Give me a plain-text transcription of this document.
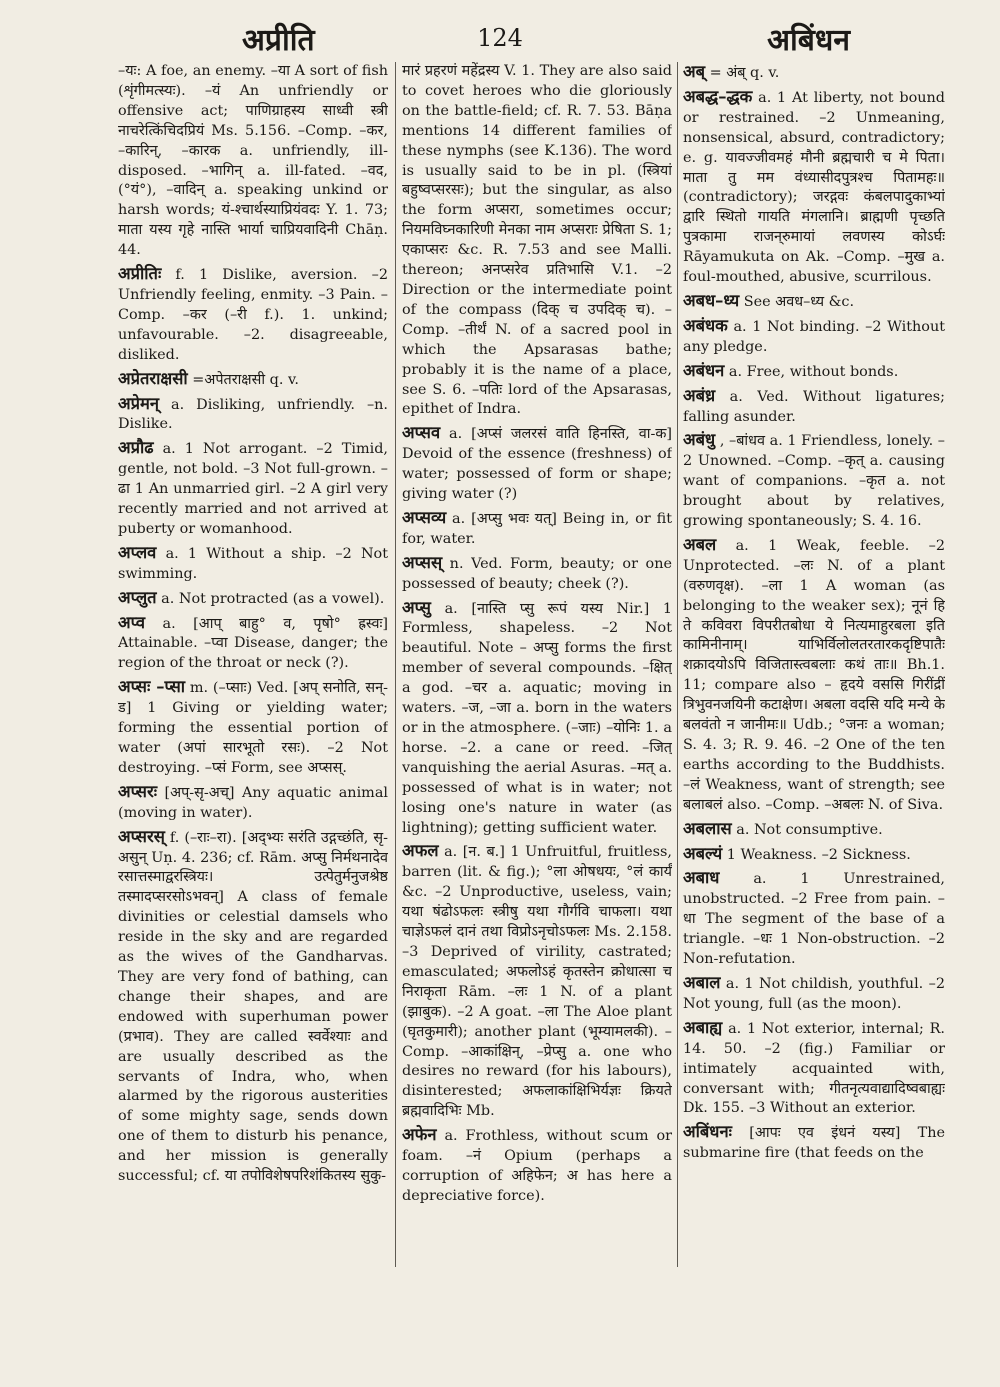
अप्रीति	124	अबिंधन

–यः: A foe, an enemy. –या A sort of fish (शृंगीमत्स्यः). –यं An unfriendly or offensive act; पाणिग्राहस्य साध्वी स्त्री नाचरेत्किंचिदप्रियं Ms. 5.156. –Comp. –कर, –कारिन्, –कारक a. unfriendly, ill-disposed. –भागिन् a. ill-fated. –वद, (°यं°), –वादिन् a. speaking unkind or harsh words; यं-श्चार्थस्याप्रियंवदः Y. 1. 73; माता यस्य गृहे नास्ति भार्या चाप्रियवादिनी Chāṇ. 44.

अप्रीतिः f. 1 Dislike, aversion. –2 Unfriendly feeling, enmity. –3 Pain. –Comp. –कर (–री f.). 1. unkind; unfavourable. –2. disagreeable, disliked.

अप्रेतराक्षसी =अपेतराक्षसी q. v.

अप्रेमन् a. Disliking, unfriendly. –n. Dislike.

अप्रौढ a. 1 Not arrogant. –2 Timid, gentle, not bold. –3 Not full-grown. –ढा 1 An unmarried girl. –2 A girl very recently married and not arrived at puberty or womanhood.

अप्लव a. 1 Without a ship. –2 Not swimming.

अप्लुत a. Not protracted (as a vowel).

अप्व a. [आप् बाहु° व, पृषो° ह्रस्वः] Attainable. –प्वा Disease, danger; the region of the throat or neck (?).

अप्सः –प्सा m. (–प्साः) Ved. [अप् सनोति, सन्-ड] 1 Giving or yielding water; forming the essential portion of water (अपां सारभूतो रसः). –2 Not destroying. –प्सं Form, see अप्सस्.

अप्सरः [अप्-सृ-अच्] Any aquatic animal (moving in water).

अप्सरस् f. (–राः–रा). [अद्भ्यः सरंति उद्गच्छंति, सृ-असुन् Uṇ. 4. 236; cf. Rām. अप्सु निर्मथनादेव रसात्तस्माद्वरस्त्रियः। उत्पेतुर्मनुजश्रेष्ठ तस्मादप्सरसोऽभवन्] A class of female divinities or celestial damsels who reside in the sky and are regarded as the wives of the Gandharvas. They are very fond of bathing, can change their shapes, and are endowed with superhuman power (प्रभाव). They are called स्वर्वेश्याः and are usually described as the servants of Indra, who, when alarmed by the rigorous austerities of some mighty sage, sends down one of them to disturb his penance, and her mission is generally successful; cf. या तपोविशेषपरिशंकितस्य सुकु-

मारं प्रहरणं महेंद्रस्य V. 1. They are also said to covet heroes who die gloriously on the battle-field; cf. R. 7. 53. Bāṇa mentions 14 different families of these nymphs (see K.136). The word is usually said to be in pl. (स्त्रियां बहुष्वप्सरसः); but the singular, as also the form अप्सरा, sometimes occur; नियमविघ्नकारिणी मेनका नाम अप्सराः प्रेषिता S. 1; एकाप्सरः &c. R. 7.53 and see Malli. thereon; अनप्सरेव प्रतिभासि V.1. –2 Direction or the intermediate point of the compass (दिक् च उपदिक् च). –Comp. –तीर्थं N. of a sacred pool in which the Apsarasas bathe; probably it is the name of a place, see S. 6. –पतिः lord of the Apsarasas, epithet of Indra.

अप्सव a. [अप्सं जलरसं वाति हिनस्ति, वा-क] Devoid of the essence (freshness) of water; possessed of form or shape; giving water (?)

अप्सव्य a. [अप्सु भवः यत्] Being in, or fit for, water.

अप्सस् n. Ved. Form, beauty; or one possessed of beauty; cheek (?).

अप्सु a. [नास्ति प्सु रूपं यस्य Nir.] 1 Formless, shapeless. –2 Not beautiful. Note – अप्सु forms the first member of several compounds. –क्षित् a god. –चर a. aquatic; moving in waters. –ज, –जा a. born in the waters or in the atmosphere. (–जाः) –योनिः 1. a horse. –2. a cane or reed. –जित् vanquishing the aerial Asuras. –मत् a. possessed of what is in water; not losing one's nature in water (as lightning); getting sufficient water.

अफल a. [न. ब.] 1 Unfruitful, fruitless, barren (lit. & fig.); °ला ओषधयः, °लं कार्यं &c. –2 Unproductive, useless, vain; यथा षंढोऽफलः स्त्रीषु यथा गौर्गवि चाफला। यथा चाज्ञेऽफलं दानं तथा विप्रोऽनृचोऽफलः Ms. 2.158. –3 Deprived of virility, castrated; emasculated; अफलोऽहं कृतस्तेन क्रोधात्सा च निराकृता Rām. –लः 1 N. of a plant (झाबुक). –2 A goat. –ला The Aloe plant (घृतकुमारी); another plant (भूम्यामलकी). –Comp. –आकांक्षिन्, –प्रेप्सु a. one who desires no reward (for his labours), disinterested; अफलाकांक्षिभिर्यज्ञः क्रियते ब्रह्मवादिभिः Mb.

अफेन a. Frothless, without scum or foam. –नं Opium (perhaps a corruption of अहिफेन; अ has here a depreciative force).

अब् = अंब् q. v.

अबद्ध–द्धक a. 1 At liberty, not bound or restrained. –2 Unmeaning, nonsensical, absurd, contradictory; e. g. यावज्जीवमहं मौनी ब्रह्मचारी च मे पिता। माता तु मम वंध्यासीदपुत्रश्च पितामहः॥ (contradictory); जरद्गवः कंबलपादुकाभ्यां द्वारि स्थितो गायति मंगलानि। ब्राह्मणी पृच्छति पुत्रकामा राजन्‌रुमायां लवणस्य कोऽर्घः Rāyamukuta on Ak. –Comp. –मुख a. foul-mouthed, abusive, scurrilous.

अबध–ध्य See अवध–ध्य &c.

अबंधक a. 1 Not binding. –2 Without any pledge.

अबंधन a. Free, without bonds.

अबंध्र a. Ved. Without ligatures; falling asunder.

अबंधु , –बांधव a. 1 Friendless, lonely. –2 Unowned. –Comp. –कृत् a. causing want of companions. –कृत a. not brought about by relatives, growing spontaneously; S. 4. 16.

अबल a. 1 Weak, feeble. –2 Unprotected. –लः N. of a plant (वरुणवृक्ष). –ला 1 A woman (as belonging to the weaker sex); नूनं हि ते कविवरा विपरीतबोधा ये नित्यमाहुरबला इति कामिनीनाम्। याभिर्विलोलतरतारकदृष्टिपातैः शक्रादयोऽपि विजितास्त्वबलाः कथं ताः॥ Bh.1. 11; compare also – हृदये वससि गिरींद्रीं त्रिभुवनजयिनी कटाक्षेण। अबला वदसि यदि मन्ये के बलवंतो न जानीमः॥ Udb.; °जनः a woman; S. 4. 3; R. 9. 46. –2 One of the ten earths according to the Buddhists. –लं Weakness, want of strength; see बलाबलं also. –Comp. –अबलः N. of Siva.

अबलास a. Not consumptive.

अबल्यं 1 Weakness. –2 Sickness.

अबाध a. 1 Unrestrained, unobstructed. –2 Free from pain. –धा The segment of the base of a triangle. –धः 1 Non-obstruction. –2 Non-refutation.

अबाल a. 1 Not childish, youthful. –2 Not young, full (as the moon).

अबाह्य a. 1 Not exterior, internal; R. 14. 50. –2 (fig.) Familiar or intimately acquainted with, conversant with; गीतनृत्यवाद्यादिष्वबाह्यः Dk. 155. –3 Without an exterior.

अबिंधनः [आपः एव इंधनं यस्य] The submarine fire (that feeds on the
